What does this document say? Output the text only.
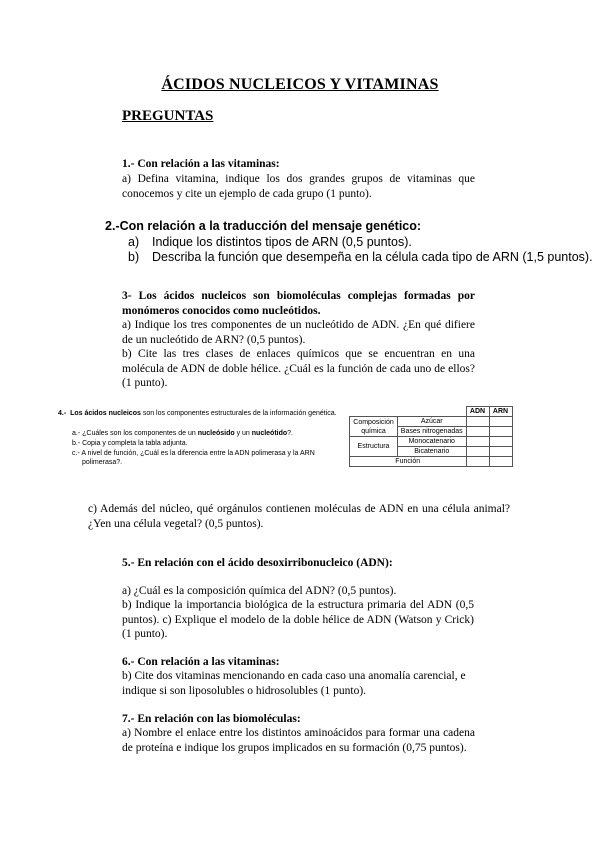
ÁCIDOS NUCLEICOS Y VITAMINAS
PREGUNTAS
1.- Con relación a las vitaminas:
a) Defina vitamina, indique los dos grandes grupos de vitaminas que conocemos y cite un ejemplo de cada grupo (1 punto).
2.-Con relación a la traducción del mensaje genético:
a) Indique los distintos tipos de ARN (0,5 puntos).
b) Describa la función que desempeña en la célula cada tipo de ARN (1,5 puntos).
3- Los ácidos nucleicos son biomoléculas complejas formadas por monómeros conocidos como nucleótidos.
a) Indique los tres componentes de un nucleótido de ADN. ¿En qué difiere de un nucleótido de ARN? (0,5 puntos).
b) Cite las tres clases de enlaces químicos que se encuentran en una molécula de ADN de doble hélice. ¿Cuál es la función de cada uno de ellos? (1 punto).
4.- Los ácidos nucleicos son los componentes estructurales de la información genética.
a.- ¿Cuáles son los componentes de un nucleósido y un nucleótido?.
b.- Copia y completa la tabla adjunta.
c.- A nivel de función, ¿Cuál es la diferencia entre la ADN polimerasa y la ARN
polimerasa?.
		ADN	ARN
Composición química	Azúcar		
	Bases nitrogenadas		
Estructura	Monocatenario		
	Bicatenario		
Función			
c) Además del núcleo, qué orgánulos contienen moléculas de ADN en una célula animal? ¿Yen una célula vegetal? (0,5 puntos).
5.- En relación con el ácido desoxirribonucleico (ADN):
a) ¿Cuál es la composición química del ADN? (0,5 puntos).
b) Indique la importancia biológica de la estructura primaria del ADN (0,5 puntos). c) Explique el modelo de la doble hélice de ADN (Watson y Crick) (1 punto).
6.- Con relación a las vitaminas:
b) Cite dos vitaminas mencionando en cada caso una anomalía carencial, e indique si son liposolubles o hidrosolubles (1 punto).
7.- En relación con las biomoléculas:
a) Nombre el enlace entre los distintos aminoácidos para formar una cadena de proteína e indique los grupos implicados en su formación (0,75 puntos).
